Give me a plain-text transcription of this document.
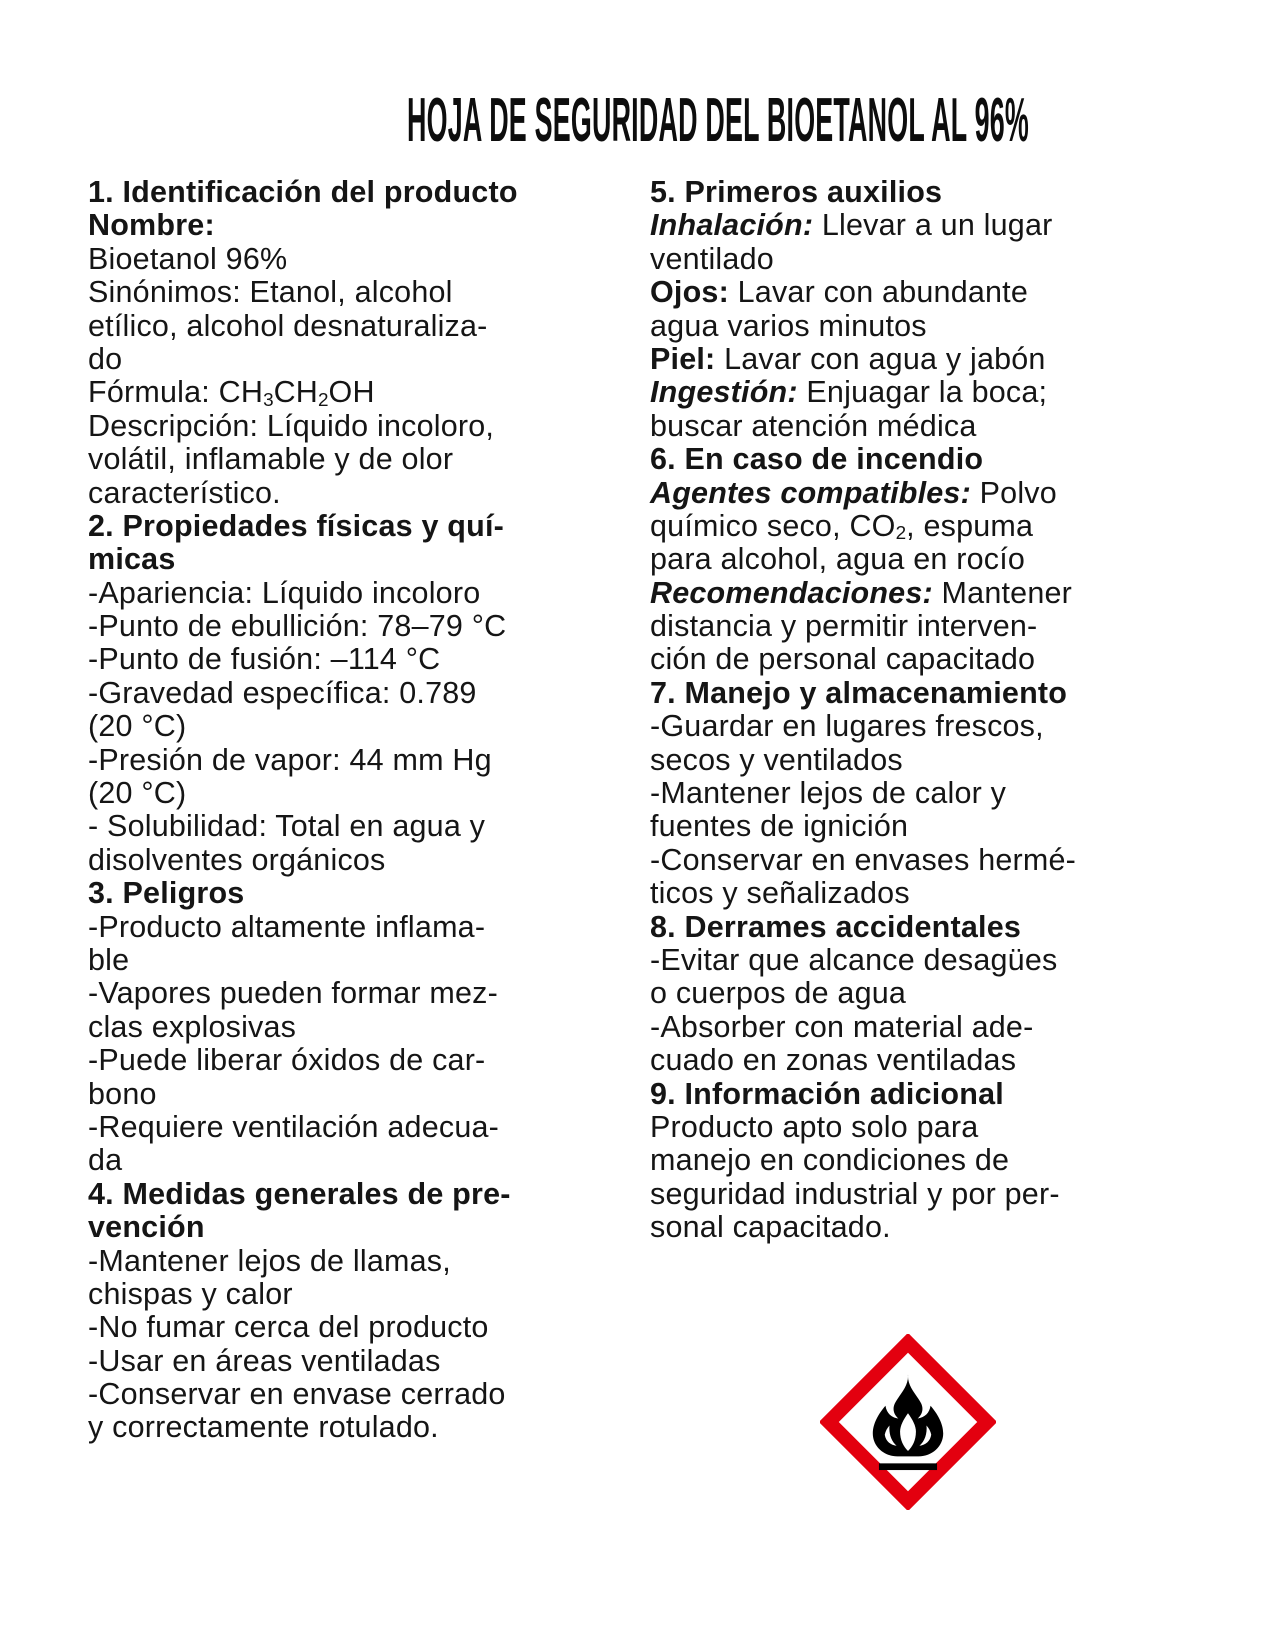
HOJA DE SEGURIDAD DEL BIOETANOL AL 96%
1. Identificación del producto
Nombre:
Bioetanol 96%
Sinónimos: Etanol, alcohol
etílico, alcohol desnaturaliza-
do
Fórmula: CH3CH2OH
Descripción: Líquido incoloro,
volátil, inflamable y de olor
característico.
2. Propiedades físicas y quí-
micas
-Apariencia: Líquido incoloro
-Punto de ebullición: 78–79 °C
-Punto de fusión: –114 °C
-Gravedad específica: 0.789
(20 °C)
-Presión de vapor: 44 mm Hg
(20 °C)
- Solubilidad: Total en agua y
disolventes orgánicos
3. Peligros
-Producto altamente inflama-
ble
-Vapores pueden formar mez-
clas explosivas
-Puede liberar óxidos de car-
bono
-Requiere ventilación adecua-
da
4. Medidas generales de pre-
vención
-Mantener lejos de llamas,
chispas y calor
-No fumar cerca del producto
-Usar en áreas ventiladas
-Conservar en envase cerrado
y correctamente rotulado.
5. Primeros auxilios
Inhalación: Llevar a un lugar
ventilado
Ojos: Lavar con abundante
agua varios minutos
Piel: Lavar con agua y jabón
Ingestión: Enjuagar la boca;
buscar atención médica
6. En caso de incendio
Agentes compatibles: Polvo
químico seco, CO2, espuma
para alcohol, agua en rocío
Recomendaciones: Mantener
distancia y permitir interven-
ción de personal capacitado
7. Manejo y almacenamiento
-Guardar en lugares frescos,
secos y ventilados
-Mantener lejos de calor y
fuentes de ignición
-Conservar en envases hermé-
ticos y señalizados
8. Derrames accidentales
-Evitar que alcance desagües
o cuerpos de agua
-Absorber con material ade-
cuado en zonas ventiladas
9. Información adicional
Producto apto solo para
manejo en condiciones de
seguridad industrial y por per-
sonal capacitado.
